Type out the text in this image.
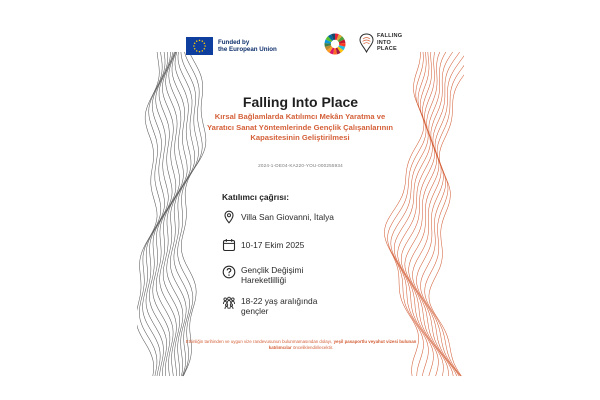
Funded by
the European Union
FALLING
INTO
PLACE
Falling Into Place
Kırsal Bağlamlarda Katılımcı Mekân Yaratma ve Yaratıcı Sanat Yöntemlerinde Gençlik Çalışanlarının Kapasitesinin Geliştirilmesi
2024-1-DE04-KA220-YOU-000255934
Katılımcı çağrısı:
Villa San Giovanni, İtalya
10-17 Ekim 2025
Gençlik Değişimi
Hareketlilliği
18-22 yaş aralığında
gençler
Etkinliğin tarihinden ve uygun vize randevusunun bulunmamasından dolayı, yeşil pasaportlu veyahut vizesi bulunan katılımcılar önceliklendirilecektir.
